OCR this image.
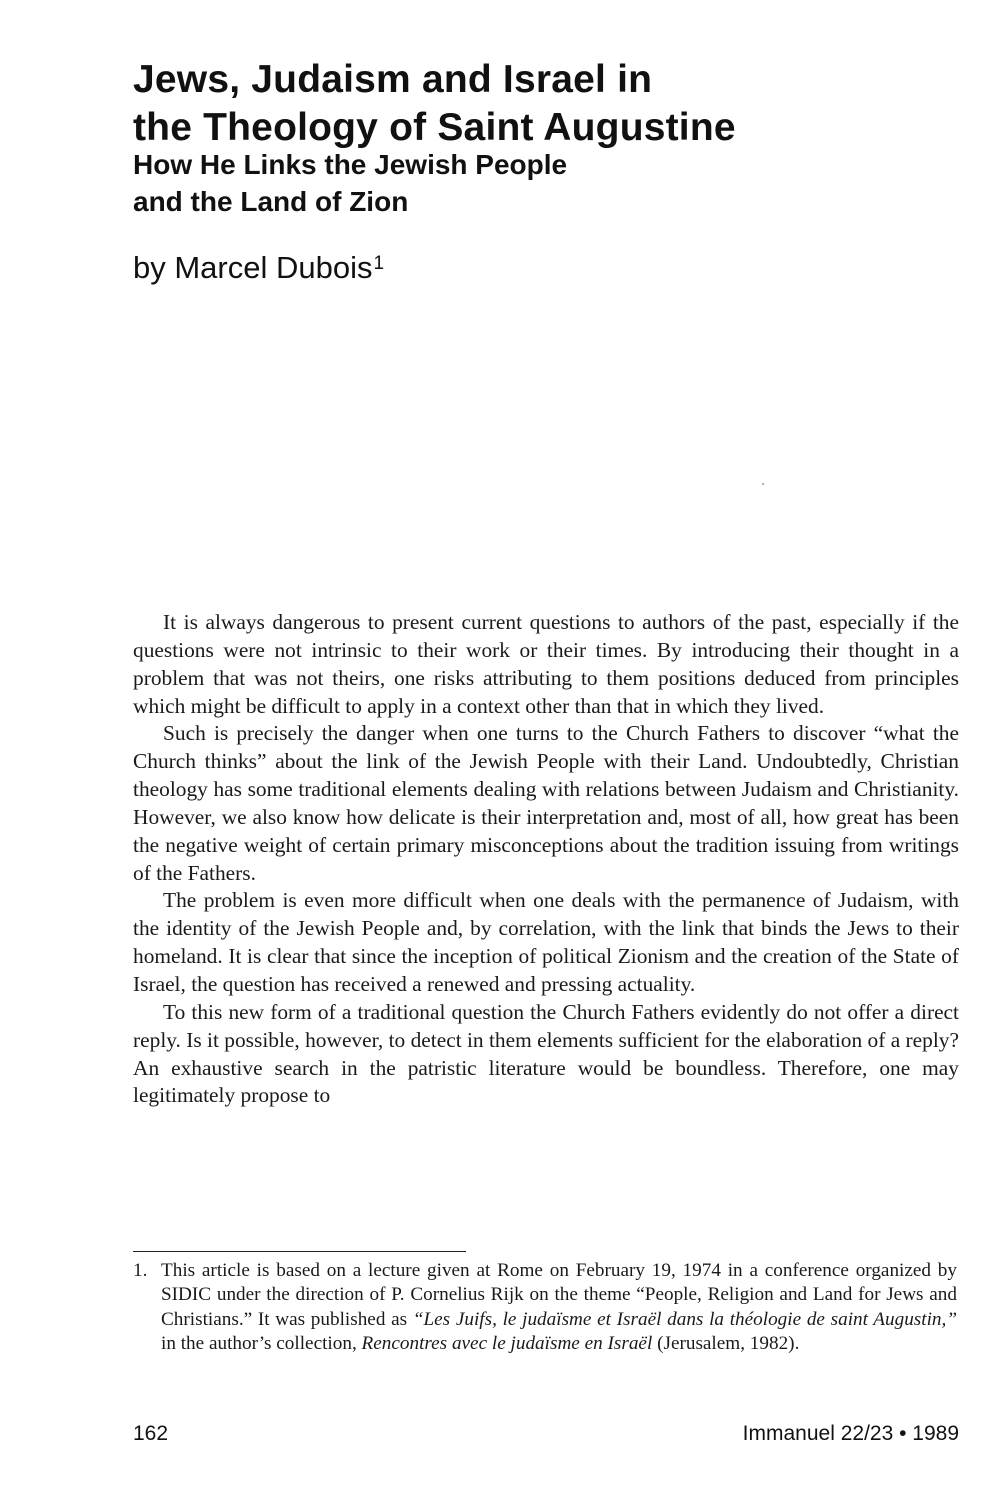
Jews, Judaism and Israel in
the Theology of Saint Augustine
How He Links the Jewish People
and the Land of Zion

by Marcel Dubois$^1$

It is always dangerous to present current questions to authors of the past, especially if the questions were not intrinsic to their work or their times. By introducing their thought in a problem that was not theirs, one risks attributing to them positions deduced from principles which might be difficult to apply in a context other than that in which they lived.

Such is precisely the danger when one turns to the Church Fathers to discover “what the Church thinks” about the link of the Jewish People with their Land. Undoubtedly, Christian theology has some traditional elements dealing with relations between Judaism and Christianity. However, we also know how delicate is their interpretation and, most of all, how great has been the negative weight of certain primary misconceptions about the tradition issuing from writings of the Fathers.

The problem is even more difficult when one deals with the permanence of Judaism, with the identity of the Jewish People and, by correlation, with the link that binds the Jews to their homeland. It is clear that since the inception of political Zionism and the creation of the State of Israel, the question has received a renewed and pressing actuality.

To this new form of a traditional question the Church Fathers evidently do not offer a direct reply. Is it possible, however, to detect in them elements sufficient for the elaboration of a reply? An exhaustive search in the patristic literature would be boundless. Therefore, one may legitimately propose to

1. This article is based on a lecture given at Rome on February 19, 1974 in a conference organized by SIDIC under the direction of P. Cornelius Rijk on the theme “People, Religion and Land for Jews and Christians.” It was published as “Les Juifs, le judaïsme et Israël dans la théologie de saint Augustin,” in the author’s collection, Rencontres avec le judaïsme en Israël (Jerusalem, 1982).
162	Immanuel 22/23 • 1989
